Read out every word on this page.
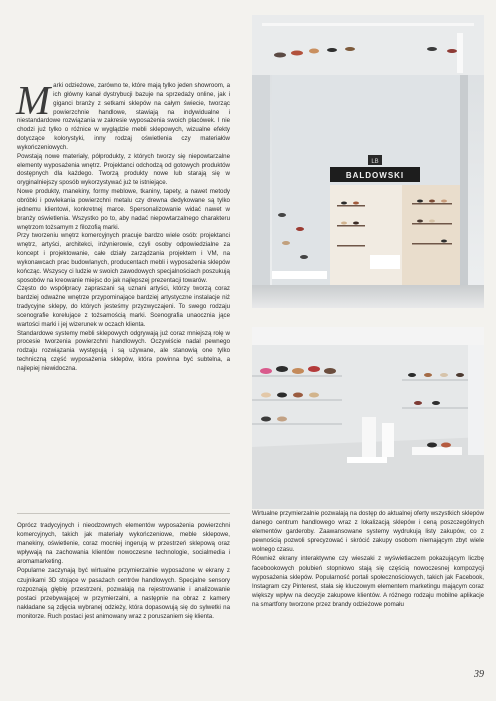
Marki odzieżowe, zarówno te, które mają tylko jeden showroom, a ich główny kanał dystrybucji bazuje na sprzedaży online, jak i giganci branży z setkami sklepów na całym świecie, tworząc powierzchnie handlowe, stawiają na indywidualne i niestandardowe rozwiązania w zakresie wyposażenia swoich placówek. I nie chodzi już tylko o różnice w wyglądzie mebli sklepowych, wizualne efekty dotyczące kolorystyki, inny rodzaj oświetlenia czy materiałów wykończeniowych.

Powstają nowe materiały, półprodukty, z których tworzy się niepowtarzalne elementy wyposażenia wnętrz. Projektanci odchodzą od gotowych produktów dostępnych dla każdego. Tworzą produkty nowe lub starają się w oryginalniejszy sposób wykorzystywać już te istniejące.

Nowe produkty, manekiny, formy meblowe, tkaniny, tapety, a nawet metody obróbki i powlekania powierzchni metalu czy drewna dedykowane są tylko jednemu klientowi, konkretnej marce. Spersonalizowanie widać nawet w branży oświetlenia. Wszystko po to, aby nadać niepowtarzalnego charakteru wnętrzom tożsamym z filozofią marki.

Przy tworzeniu wnętrz komercyjnych pracuje bardzo wiele osób: projektanci wnętrz, artyści, architekci, inżynierowie, czyli osoby odpowiedzialne za koncept i projektowanie, całe działy zarządzania projektem i VM, na wykonawcach prac budowlanych, producentach mebli i wyposażenia sklepów kończąc. Wszyscy ci ludzie w swoich zawodowych specjalnościach poszukują sposobów na kreowanie miejsc do jak najlepszej prezentacji towarów.

Często do współpracy zapraszani są uznani artyści, którzy tworzą coraz bardziej odważne wnętrze przypominające bardziej artystyczne instalacje niż tradycyjne sklepy, do których jesteśmy przyzwyczajeni. To swego rodzaju scenografie korelujące z tożsamością marki. Scenografia unaocznia jące wartości marki i jej wizerunek w oczach klienta.

Standardowe systemy mebli sklepowych odgrywają już coraz mniejszą rolę w procesie tworzenia powierzchni handlowych. Oczywiście nadal pewnego rodzaju rozwiązania występują i są używane, ale stanowią one tylko techniczną część wyposażenia sklepów, która powinna być subtelna, a najlepiej niewidoczna.

Oprócz tradycyjnych i nieodzownych elementów wyposażenia powierzchni komercyjnych, takich jak materiały wykończeniowe, meble sklepowe, manekiny, oświetlenie, coraz mocniej ingerują w przestrzeń sklepową oraz wpływają na zachowania klientów nowoczesne technologie, socialmedia i aromamarketing.

Popularne zaczynają być wirtualne przymierzalnie wyposażone w ekrany z czujnikami 3D stojące w pasażach centrów handlowych. Specjalne sensory rozpoznają głębię przestrzeni, pozwalają na rejestrowanie i analizowanie postaci przebywającej w przymierzalni, a następnie na obraz z kamery nakładane są zdjęcia wybranej odzieży, która dopasowują się do sylwetki na monitorze. Ruch postaci jest animowany wraz z poruszaniem się klienta.

BALDOWSKI
LB

Wirtualne przymierzalnie pozwalają na dostęp do aktualnej oferty wszystkich sklepów danego centrum handlowego wraz z lokalizacją sklepów i ceną poszczególnych elementów garderoby. Zaawansowane systemy wydrukują listy zakupów, co z pewnością pozwoli sprecyzować i skrócić zakupy osobom niemającym zbyt wiele wolnego czasu.

Również ekrany interaktywne czy wieszaki z wyświetlaczem pokazującym liczbę facebookowych polubień stopniowo stają się częścią nowoczesnej kompozycji wyposażenia sklepów. Popularność portali społecznościowych, takich jak Facebook, Instagram czy Pinterest, stała się kluczowym elementem marketingu mającym coraz większy wpływ na decyzje zakupowe klientów. A różnego rodzaju mobilne aplikacje na smartfony tworzone przez brandy odzieżowe pomału

39
